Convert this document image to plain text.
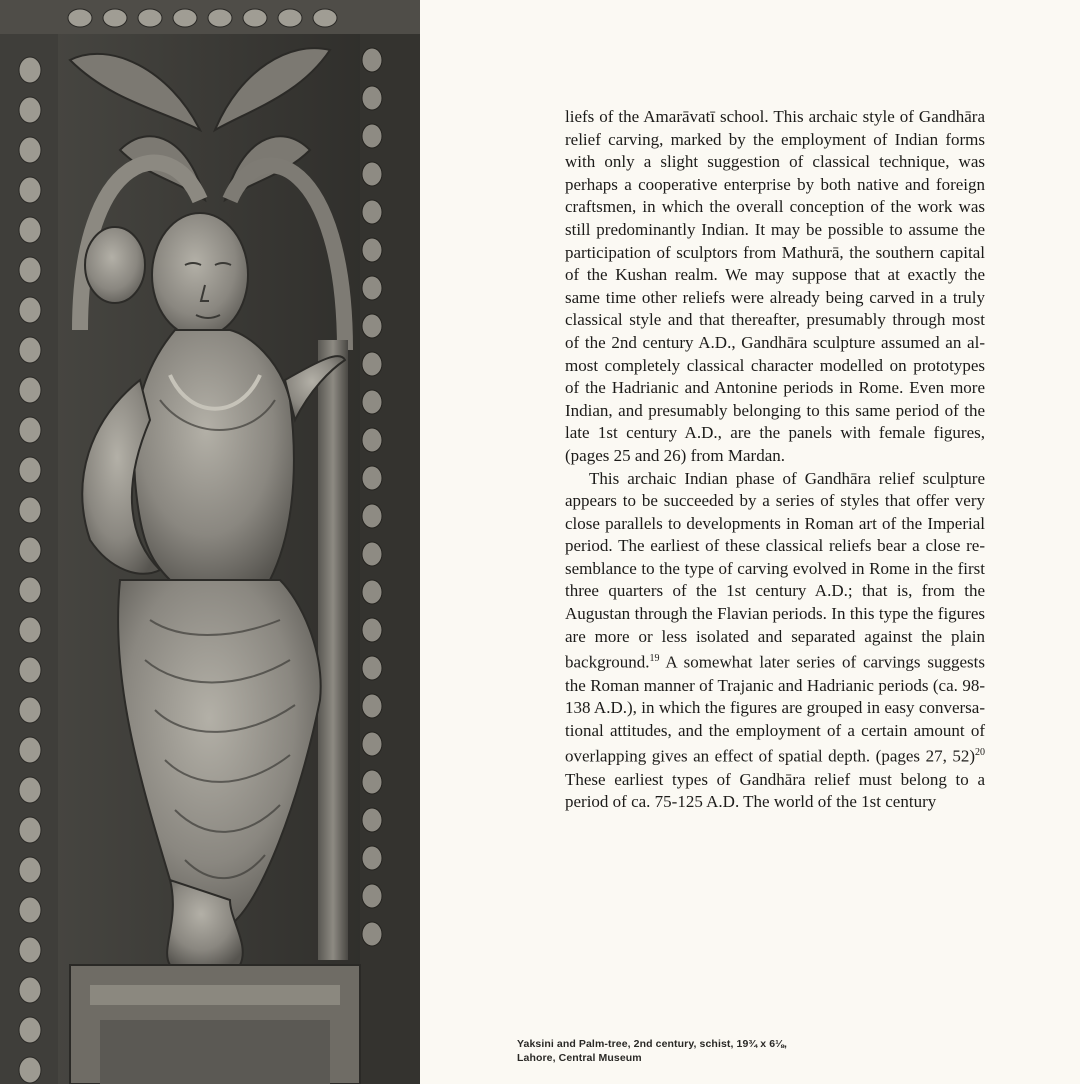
liefs of the Amarāvatī school. This archaic style of Gandhāra relief carving, marked by the employment of Indian forms with only a slight suggestion of classical technique, was perhaps a cooperative enterprise by both native and foreign craftsmen, in which the overall conception of the work was still predominantly Indian. It may be possible to assume the participation of sculptors from Mathurā, the southern capital of the Kushan realm. We may suppose that at exactly the same time other reliefs were already being carved in a truly classical style and that thereafter, presumably through most of the 2nd century A.D., Gandhāra sculpture assumed an almost completely classical character modelled on prototypes of the Hadrianic and Antonine periods in Rome. Even more Indian, and presumably belonging to this same period of the late 1st century A.D., are the panels with female figures, (pages 25 and 26) from Mardan.

This archaic Indian phase of Gandhāra relief sculpture appears to be succeeded by a series of styles that offer very close parallels to developments in Roman art of the Imperial period. The earliest of these classical reliefs bear a close resemblance to the type of carving evolved in Rome in the first three quarters of the 1st century A.D.; that is, from the Augustan through the Flavian periods. In this type the figures are more or less isolated and separated against the plain background.$^{19}$ A somewhat later series of carvings suggests the Roman manner of Trajanic and Hadrianic periods (ca. 98-138 A.D.), in which the figures are grouped in easy conversational attitudes, and the employment of a certain amount of overlapping gives an effect of spatial depth. (pages 27, 52)$^{20}$ These earliest types of Gandhāra relief must belong to a period of ca. 75-125 A.D. The world of the 1st century

Yaksini and Palm-tree, 2nd century, schist, 19¾ x 6⅛,
Lahore, Central Museum
